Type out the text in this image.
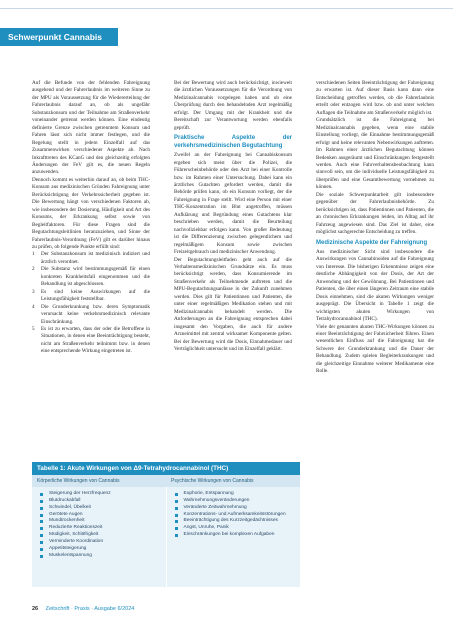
Schwerpunkt Cannabis

Auf die Befunde von der fehlenden Fahreignung ausgehend und der Fahrerlaubnis im weiteren Sinne zu der MPU als Voraussetzung für die Wiedererteilung der Fahrerlaubnis darauf an, ob als ungefähr Substanzkonsum und der Teilnahme am Straßenverkehr voneinander getrennt werden können. Eine eindeutig definierte Grenze zwischen getrenntem Konsum und Fahren lässt sich nicht immer festlegen, und die Regelung stellt in jedem Einzelfall auf das Zusammenwirken verschiedener Aspekte ab. Nach Inkrafttreten des KCanG und den gleichzeitig erfolgten Änderungen der FeV gilt es, die neuen Regeln anzuwenden.

Dennoch kommt es weiterhin darauf an, ob beim THC-Konsum aus medizinischen Gründen Fahreignung unter Berücksichtigung der Verkehrssicherheit gegeben ist. Die Bewertung hängt von verschiedenen Faktoren ab, wie insbesondere der Dosierung, Häufigkeit und Art des Konsums, der Erkrankung selbst sowie von Begleitfaktoren. Für diese Fragen sind die Begutachtungsleitlinien heranzuziehen, und Sinne der Fahrerlaubnis-Verordnung (FeV) gilt es darüber hinaus zu prüfen, ob folgende Punkte erfüllt sind:

1	Der Substanzkonsum ist medizinisch indiziert und ärztlich verordnet.
2	Die Substanz wird bestimmungsgemäß für einen konkreten Krankheitsfall eingenommen und die Behandlung ist abgeschlossen.
3	Es sind keine Auswirkungen auf die Leistungsfähigkeit feststellbar.
4	Die Grunderkrankung bzw. deren Symptomatik verursacht keine verkehrsmedizinisch relevante Einschränkung.
5	Es ist zu erwarten, dass der oder die Betroffene in Situationen, in denen eine Beeinträchtigung besteht, nicht am Straßenverkehr teilnimmt bzw. in denen eine entsprechende Wirkung eingetreten ist.

Bei der Bewertung wird auch berücksichtigt, inwieweit die ärztlichen Voraussetzungen für die Verordnung von Medizinalcannabis vorgelegen haben und ob eine Überprüfung durch den behandelnden Arzt regelmäßig erfolgt. Der Umgang mit der Krankheit und die Bereitschaft zur Verantwortung werden ebenfalls geprüft.

Praktische Aspekte der verkehrsmedizinischen Begutachtung

Zweifel an der Fahreignung bei Cannabiskonsum ergeben sich meist über die Polizei, die Führerscheinbehörde oder den Arzt bei einer Kontrolle bzw. im Rahmen einer Untersuchung. Dabei kann ein ärztliches Gutachten gefordert werden, damit die Behörde prüfen kann, ob ein Konsum vorliegt, der die Fahreignung in Frage stellt. Wird eine Person mit einer THC-Konzentration im Blut angetroffen, müssen Aufklärung und Begründung eines Gutachtens klar beschrieben werden, damit die Beurteilung nachvollziehbar erfolgen kann. Von großer Bedeutung ist die Differenzierung zwischen gelegentlichem und regelmäßigem Konsum sowie zwischen Freizeitgebrauch und medizinischer Anwendung.

Der Begutachtungsleitfaden geht auch auf die Verhaltensmedizinischen Grundsätze ein. Es muss berücksichtigt werden, dass Konsumierende im Straßenverkehr als Teilnehmende auftreten und die MPU-Begutachtungsanlässe in der Zukunft zunehmen werden. Dies gilt für Patientinnen und Patienten, die unter einer regelmäßigen Medikation stehen und mit Medizinalcannabis behandelt werden. Die Anforderungen an die Fahreignung entsprechen dabei insgesamt den Vorgaben, die auch für andere Arzneimittel mit zentral wirksamer Komponente gelten. Bei der Bewertung wird die Dosis, Einnahmedauer und Verträglichkeit untersucht und im Einzelfall geklärt.

verschiedenen Seiten Beeinträchtigung der Fahreignung zu erwarten ist. Auf dieser Basis kann dann eine Entscheidung getroffen werden, ob die Fahrerlaubnis erteilt oder entzogen wird bzw. ob und unter welchen Auflagen die Teilnahme am Straßenverkehr möglich ist.

Grundsätzlich ist die Fahreignung bei Medizinalcannabis gegeben, wenn eine stabile Einstellung vorliegt, die Einnahme bestimmungsgemäß erfolgt und keine relevanten Nebenwirkungen auftreten. Im Rahmen einer ärztlichen Begutachtung können Bedenken ausgeräumt und Einschränkungen festgestellt werden. Auch eine Fahrverhaltensbeobachtung kann sinnvoll sein, um die individuelle Leistungsfähigkeit zu überprüfen und eine Gesamtbewertung vornehmen zu können.

Die soziale Schwerpunktarbeit gilt insbesondere gegenüber der Fahrerlaubnisbehörde. Zu berücksichtigen ist, dass Patientinnen und Patienten, die an chronischen Erkrankungen leiden, im Alltag auf ihr Fahrzeug angewiesen sind. Das Ziel ist daher, eine möglichst sachgerechte Entscheidung zu treffen.

Medizinische Aspekte der Fahreignung

Aus medizinischer Sicht sind insbesondere die Auswirkungen von Cannabinoiden auf die Fahreignung von Interesse. Die bisherigen Erkenntnisse zeigen eine deutliche Abhängigkeit von der Dosis, der Art der Anwendung und der Gewöhnung. Bei Patientinnen und Patienten, die über einen längeren Zeitraum eine stabile Dosis einnehmen, sind die akuten Wirkungen weniger ausgeprägt. Die Übersicht in Tabelle 1 zeigt die wichtigsten akuten Wirkungen von Tetrahydrocannabinol (THC).

Viele der genannten akuten THC-Wirkungen können zu einer Beeinträchtigung der Fahrsicherheit führen. Einen wesentlichen Einfluss auf die Fahreignung hat die Schwere der Grunderkrankung und die Dauer der Behandlung. Zudem spielen Begleiterkrankungen und die gleichzeitige Einnahme weiterer Medikamente eine Rolle.

Tabelle 1: Akute Wirkungen von Δ9-Tetrahydrocannabinol (THC)
Körperliche Wirkungen von Cannabis	Psychische Wirkungen von Cannabis
Steigerung der Herzfrequenz
Blutdruckabfall
Schwindel, Übelkeit
Gerötete Augen
Mundtrockenheit
Reduzierte Reaktionszeit
Müdigkeit, Schläfrigkeit
Verminderte Koordination
Appetitsteigerung
Muskelentspannung
Euphorie, Entspannung
Wahrnehmungsveränderungen
Veränderte Zeitwahrnehmung
Konzentrations- und Aufmerksamkeitsstörungen
Beeinträchtigung des Kurzzeitgedächtnisses
Angst, Unruhe, Panik
Einschränkungen bei komplexen Aufgaben
26 Zeitschrift · Praxis · Ausgabe 6/2024
